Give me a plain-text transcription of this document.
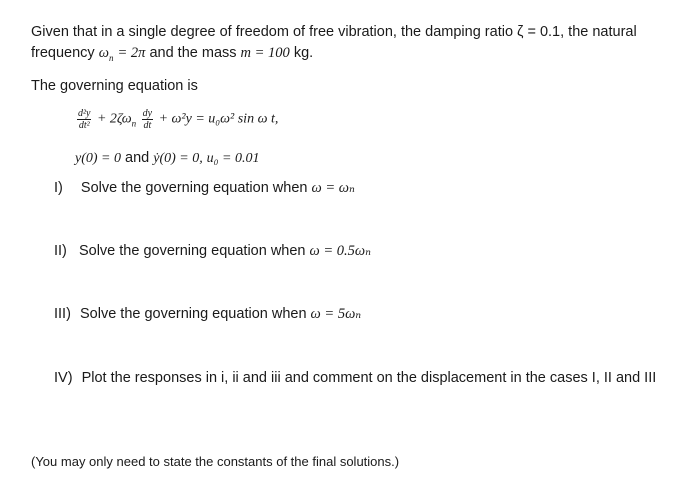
Given that in a single degree of freedom of free vibration, the damping ratio ζ = 0.1, the natural
frequency $\omega_n = 2\pi$ and the mass m = 100 kg.
The governing equation is
$\frac{\text{d²y}}{\text{dt²}} + 2\zeta\omega_n \frac{dy}{dt} + \omega^2y = u_0\omega^2$ sin ω t,
y(0) = 0 and ẏ(0) = 0, u₀ = 0.01
I) Solve the governing equation when ω = ωₙ
II) Solve the governing equation when ω = 0.5ωₙ
III) Solve the governing equation when ω = 5ωₙ
IV) Plot the responses in i, ii and iii and comment on the displacement in the cases I, II and III
(You may only need to state the constants of the final solutions.)
